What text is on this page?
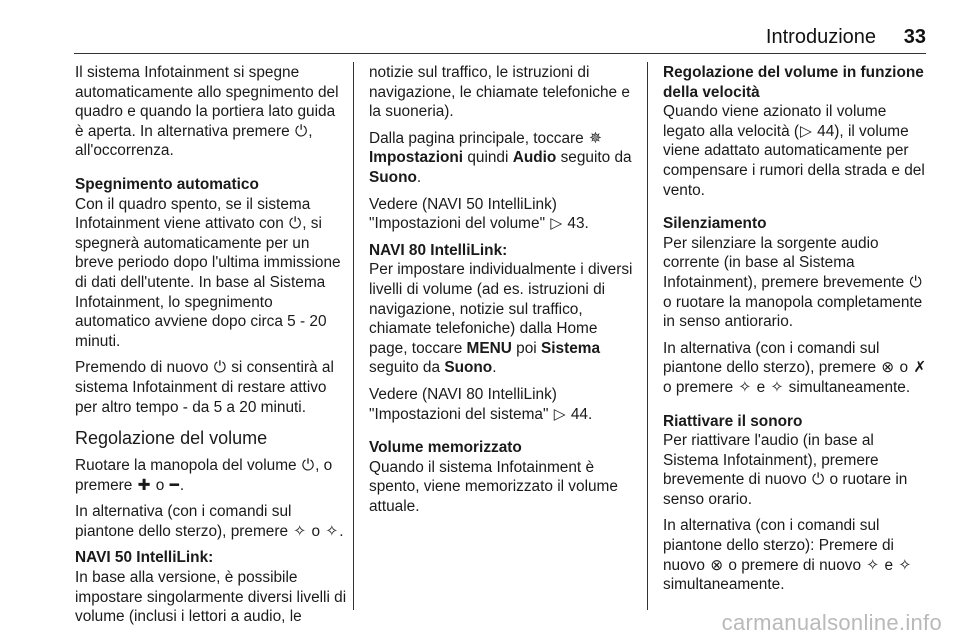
Introduzione 33

Il sistema Infotainment si spegne automaticamente allo spegnimento del quadro e quando la portiera lato guida è aperta. In alternativa premere ⏻, all'occorrenza.

Spegnimento automatico

Con il quadro spento, se il sistema Infotainment viene attivato con ⏻, si spegnerà automaticamente per un breve periodo dopo l'ultima immissione di dati dell'utente. In base al Sistema Infotainment, lo spegnimento automatico avviene dopo circa 5 - 20 minuti.

Premendo di nuovo ⏻ si consentirà al sistema Infotainment di restare attivo per altro tempo - da 5 a 20 minuti.

Regolazione del volume

Ruotare la manopola del volume ⏻, o premere ✚ o ━.

In alternativa (con i comandi sul piantone dello sterzo), premere ✧ o ✧.

NAVI 50 IntelliLink:

In base alla versione, è possibile impostare singolarmente diversi livelli di volume (inclusi i lettori a audio, le

notizie sul traffico, le istruzioni di navigazione, le chiamate telefoniche e la suoneria).

Dalla pagina principale, toccare ✵Impostazioni quindi Audio seguito da Suono.

Vedere (NAVI 50 IntelliLink) "Impostazioni del volume" ▷ 43.

NAVI 80 IntelliLink:

Per impostare individualmente i diversi livelli di volume (ad es. istruzioni di navigazione, notizie sul traffico, chiamate telefoniche) dalla Home page, toccare MENU poi Sistema seguito da Suono.

Vedere (NAVI 80 IntelliLink) "Impostazioni del sistema" ▷ 44.

Volume memorizzato

Quando il sistema Infotainment è spento, viene memorizzato il volume attuale.

Regolazione del volume in funzione della velocità

Quando viene azionato il volume legato alla velocità (▷ 44), il volume viene adattato automaticamente per compensare i rumori della strada e del vento.

Silenziamento

Per silenziare la sorgente audio corrente (in base al Sistema Infotainment), premere brevemente ⏻ o ruotare la manopola completamente in senso antiorario.

In alternativa (con i comandi sul piantone dello sterzo), premere ⊗ o ✗ o premere ✧ e ✧ simultaneamente.

Riattivare il sonoro

Per riattivare l'audio (in base al Sistema Infotainment), premere brevemente di nuovo ⏻ o ruotare in senso orario.

In alternativa (con i comandi sul piantone dello sterzo): Premere di nuovo ⊗ o premere di nuovo ✧ e ✧ simultaneamente.

carmanualsonline.info
